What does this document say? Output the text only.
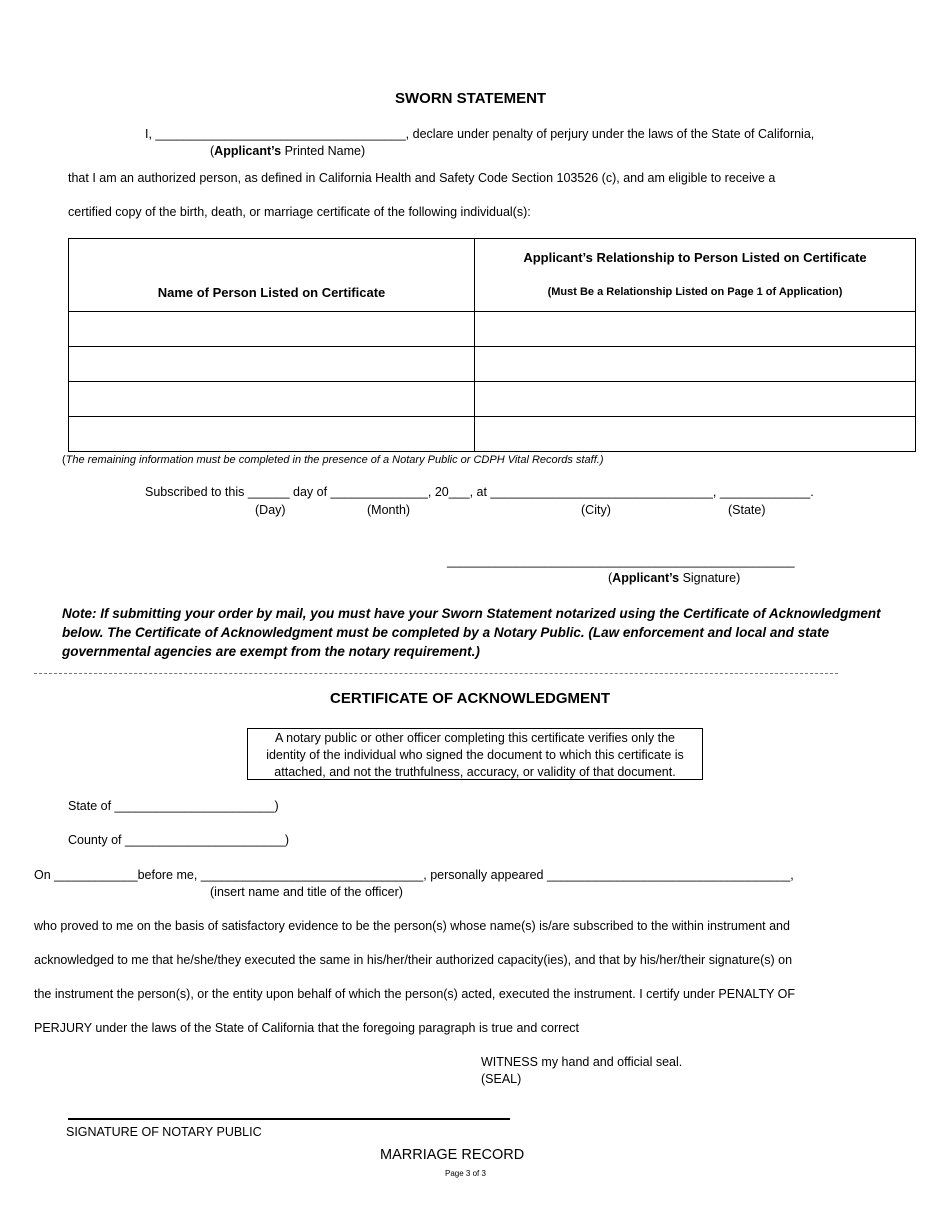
SWORN STATEMENT
I, ____________________________________, declare under penalty of perjury under the laws of the State of California,
(Applicant’s Printed Name)
that I am an authorized person, as defined in California Health and Safety Code Section 103526 (c), and am eligible to receive a
certified copy of the birth, death, or marriage certificate of the following individual(s):
Name of Person Listed on Certificate	Applicant’s Relationship to Person Listed on Certificate
(Must Be a Relationship Listed on Page 1 of Application)

(The remaining information must be completed in the presence of a Notary Public or CDPH Vital Records staff.)
Subscribed to this ______ day of ______________, 20___, at ________________________________, _____________.
(Day)	(Month)	(City)	(State)
__________________________________________________
(Applicant’s Signature)
Note: If submitting your order by mail, you must have your Sworn Statement notarized using the Certificate of Acknowledgment below. The Certificate of Acknowledgment must be completed by a Notary Public. (Law enforcement and local and state governmental agencies are exempt from the notary requirement.)
CERTIFICATE OF ACKNOWLEDGMENT
A notary public or other officer completing this certificate verifies only the
identity of the individual who signed the document to which this certificate is
attached, and not the truthfulness, accuracy, or validity of that document.
State of _______________________)
County of _______________________)
On ____________before me, ________________________________, personally appeared ___________________________________,
(insert name and title of the officer)
who proved to me on the basis of satisfactory evidence to be the person(s) whose name(s) is/are subscribed to the within instrument and
acknowledged to me that he/she/they executed the same in his/her/their authorized capacity(ies), and that by his/her/their signature(s) on
the instrument the person(s), or the entity upon behalf of which the person(s) acted, executed the instrument. I certify under PENALTY OF
PERJURY under the laws of the State of California that the foregoing paragraph is true and correct
WITNESS my hand and official seal.
(SEAL)
SIGNATURE OF NOTARY PUBLIC
MARRIAGE RECORD
Page 3 of 3
